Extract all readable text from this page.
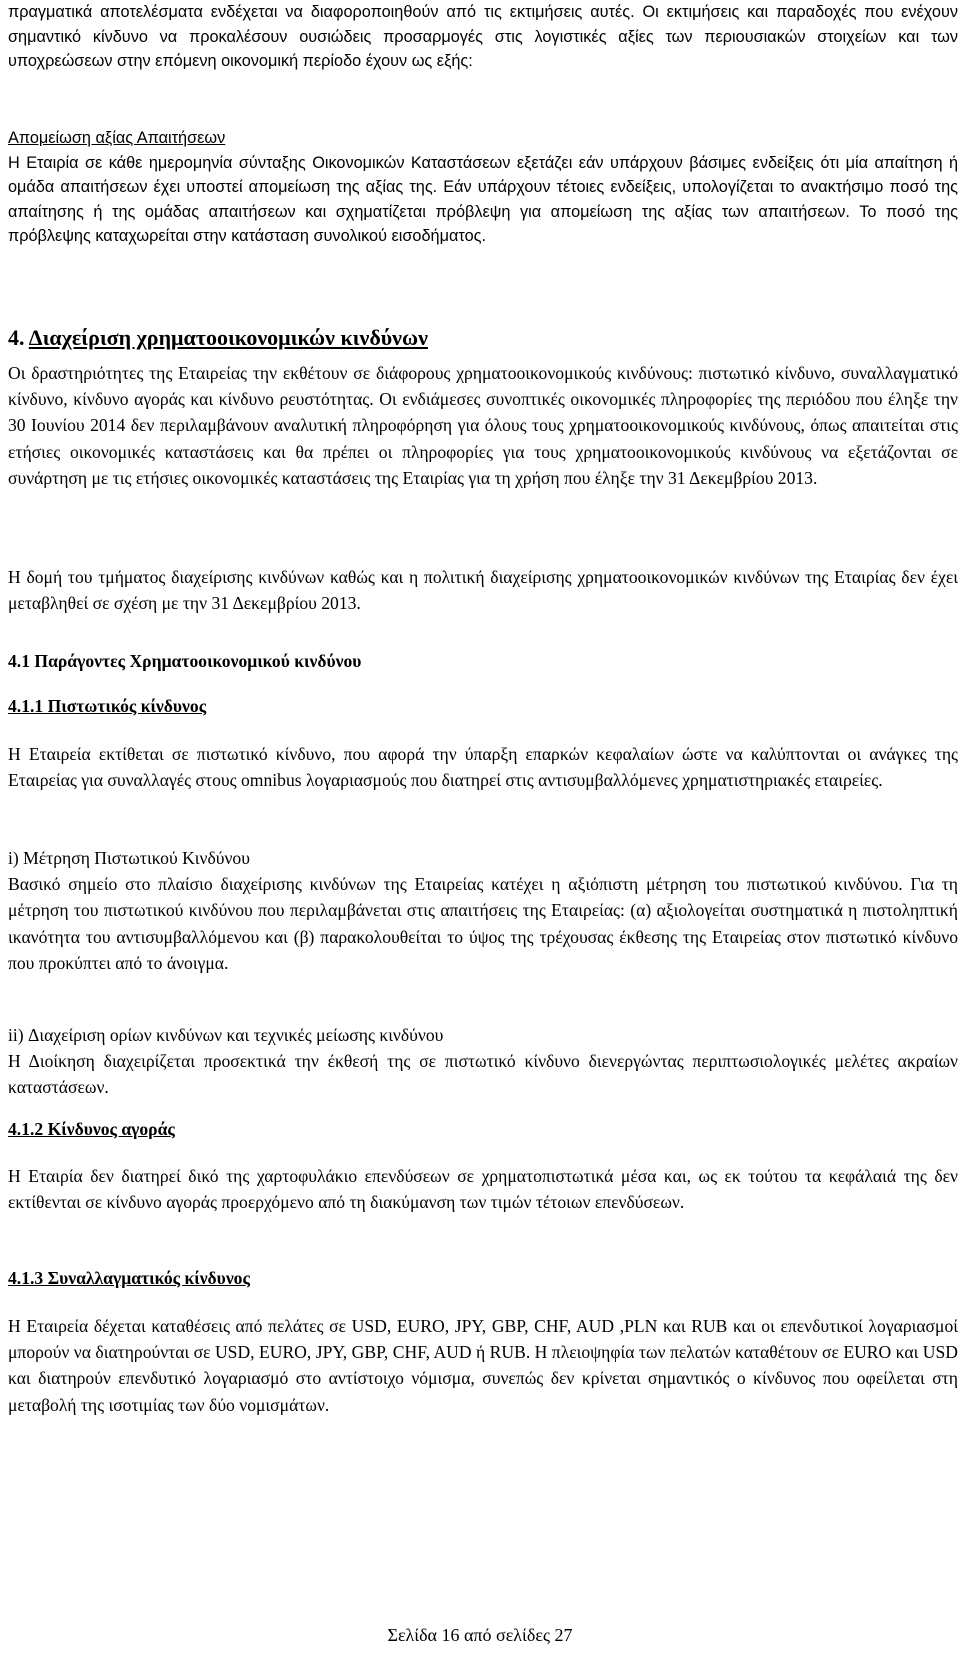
πραγματικά αποτελέσματα ενδέχεται να διαφοροποιηθούν από τις εκτιμήσεις αυτές. Οι εκτιμήσεις και παραδοχές που ενέχουν σημαντικό κίνδυνο να προκαλέσουν ουσιώδεις προσαρμογές στις λογιστικές αξίες των περιουσιακών στοιχείων και των υποχρεώσεων στην επόμενη οικονομική περίοδο έχουν ως εξής:

Απομείωση αξίας Απαιτήσεων
Η Εταιρία σε κάθε ημερομηνία σύνταξης Οικονομικών Καταστάσεων εξετάζει εάν υπάρχουν βάσιμες ενδείξεις ότι μία απαίτηση ή ομάδα απαιτήσεων έχει υποστεί απομείωση της αξίας της. Εάν υπάρχουν τέτοιες ενδείξεις, υπολογίζεται το ανακτήσιμο ποσό της απαίτησης ή της ομάδας απαιτήσεων και σχηματίζεται πρόβλεψη για απομείωση της αξίας των απαιτήσεων. Το ποσό της πρόβλεψης καταχωρείται στην κατάσταση συνολικού εισοδήματος.
4. Διαχείριση χρηματοοικονομικών κινδύνων

Οι δραστηριότητες της Εταιρείας την εκθέτουν σε διάφορους χρηματοοικονομικούς κινδύνους: πιστωτικό κίνδυνο, συναλλαγματικό κίνδυνο, κίνδυνο αγοράς και κίνδυνο ρευστότητας. Οι ενδιάμεσες συνοπτικές οικονομικές πληροφορίες της περιόδου που έληξε την 30 Ιουνίου 2014 δεν περιλαμβάνουν αναλυτική πληροφόρηση για όλους τους χρηματοοικονομικούς κινδύνους, όπως απαιτείται στις ετήσιες οικονομικές καταστάσεις και θα πρέπει οι πληροφορίες για τους χρηματοοικονομικούς κινδύνους να εξετάζονται σε συνάρτηση με τις ετήσιες οικονομικές καταστάσεις της Εταιρίας για τη χρήση που έληξε την 31 Δεκεμβρίου 2013.

Η δομή του τμήματος διαχείρισης κινδύνων καθώς και η πολιτική διαχείρισης χρηματοοικονομικών κινδύνων της Εταιρίας δεν έχει μεταβληθεί σε σχέση με την 31 Δεκεμβρίου 2013.

4.1 Παράγοντες Χρηματοοικονομικού κινδύνου
4.1.1 Πιστωτικός κίνδυνος

Η Εταιρεία εκτίθεται σε πιστωτικό κίνδυνο, που αφορά την ύπαρξη επαρκών κεφαλαίων ώστε να καλύπτονται οι ανάγκες της Εταιρείας για συναλλαγές στους omnibus λογαριασμούς που διατηρεί στις αντισυμβαλλόμενες χρηματιστηριακές εταιρείες.

i) Μέτρηση Πιστωτικού Κινδύνου
Βασικό σημείο στο πλαίσιο διαχείρισης κινδύνων της Εταιρείας κατέχει η αξιόπιστη μέτρηση του πιστωτικού κινδύνου. Για τη μέτρηση του πιστωτικού κινδύνου που περιλαμβάνεται στις απαιτήσεις της Εταιρείας: (α) αξιολογείται συστηματικά η πιστοληπτική ικανότητα του αντισυμβαλλόμενου και (β) παρακολουθείται το ύψος της τρέχουσας έκθεσης της Εταιρείας στον πιστωτικό κίνδυνο που προκύπτει από το άνοιγμα.
ii) Διαχείριση ορίων κινδύνων και τεχνικές μείωσης κινδύνου
Η Διοίκηση διαχειρίζεται προσεκτικά την έκθεσή της σε πιστωτικό κίνδυνο διενεργώντας περιπτωσιολογικές μελέτες ακραίων καταστάσεων.
4.1.2 Κίνδυνος αγοράς

Η Εταιρία δεν διατηρεί δικό της χαρτοφυλάκιο επενδύσεων σε χρηματοπιστωτικά μέσα και, ως εκ τούτου τα κεφάλαιά της δεν εκτίθενται σε κίνδυνο αγοράς προερχόμενο από τη διακύμανση των τιμών τέτοιων επενδύσεων.

4.1.3 Συναλλαγματικός κίνδυνος

Η Εταιρεία δέχεται καταθέσεις από πελάτες σε USD, EURO, JPY, GBP, CHF, AUD ,PLN και RUB και οι επενδυτικοί λογαριασμοί μπορούν να διατηρούνται σε USD, EURO, JPY, GBP, CHF, AUD ή RUB. Η πλειοψηφία των πελατών καταθέτουν σε EURO και USD και διατηρούν επενδυτικό λογαριασμό στο αντίστοιχο νόμισμα, συνεπώς δεν κρίνεται σημαντικός ο κίνδυνος που οφείλεται στη μεταβολή της ισοτιμίας των δύο νομισμάτων.

Σελίδα 16 από σελίδες 27
